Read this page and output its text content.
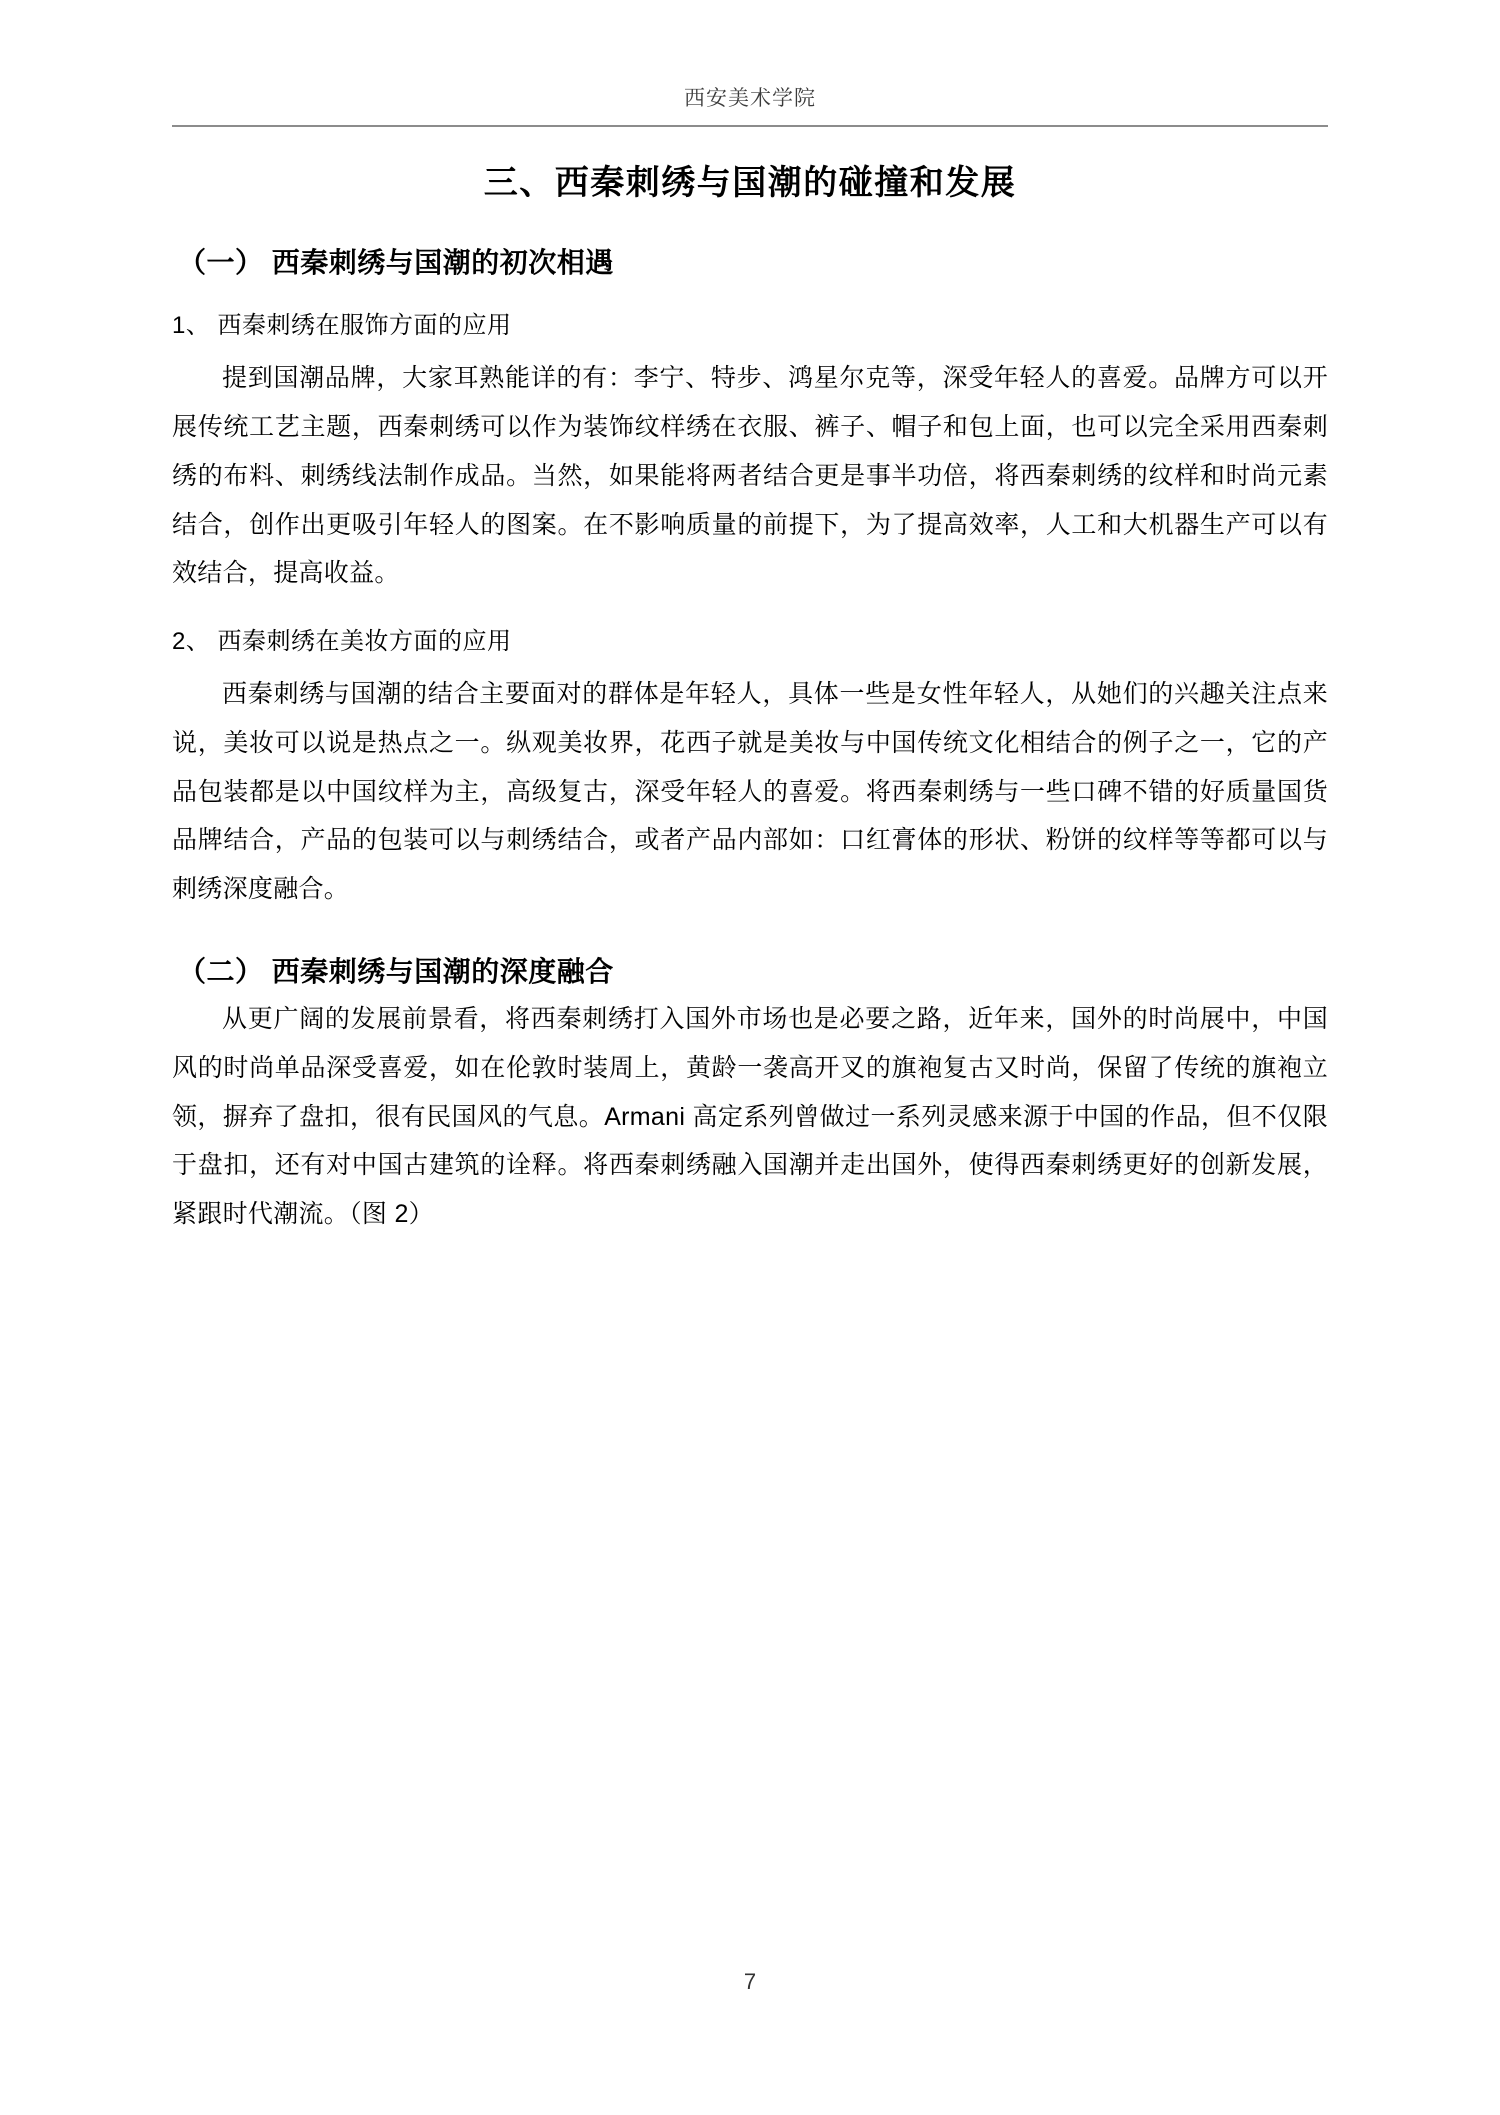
西安美术学院
三、西秦刺绣与国潮的碰撞和发展
（一） 西秦刺绣与国潮的初次相遇
1、 西秦刺绣在服饰方面的应用

提到国潮品牌，大家耳熟能详的有：李宁、特步、鸿星尔克等，深受年轻人的喜爱。品牌方可以开展传统工艺主题，西秦刺绣可以作为装饰纹样绣在衣服、裤子、帽子和包上面，也可以完全采用西秦刺绣的布料、刺绣线法制作成品。当然，如果能将两者结合更是事半功倍，将西秦刺绣的纹样和时尚元素结合，创作出更吸引年轻人的图案。在不影响质量的前提下，为了提高效率，人工和大机器生产可以有效结合，提高收益。

2、 西秦刺绣在美妆方面的应用

西秦刺绣与国潮的结合主要面对的群体是年轻人，具体一些是女性年轻人，从她们的兴趣关注点来说，美妆可以说是热点之一。纵观美妆界，花西子就是美妆与中国传统文化相结合的例子之一，它的产品包装都是以中国纹样为主，高级复古，深受年轻人的喜爱。将西秦刺绣与一些口碑不错的好质量国货品牌结合，产品的包装可以与刺绣结合，或者产品内部如：口红膏体的形状、粉饼的纹样等等都可以与刺绣深度融合。

（二） 西秦刺绣与国潮的深度融合

从更广阔的发展前景看，将西秦刺绣打入国外市场也是必要之路，近年来，国外的时尚展中，中国风的时尚单品深受喜爱，如在伦敦时装周上，黄龄一袭高开叉的旗袍复古又时尚，保留了传统的旗袍立领，摒弃了盘扣，很有民国风的气息。Armani 高定系列曾做过一系列灵感来源于中国的作品，但不仅限于盘扣，还有对中国古建筑的诠释。将西秦刺绣融入国潮并走出国外，使得西秦刺绣更好的创新发展，紧跟时代潮流。（图 2）

7
